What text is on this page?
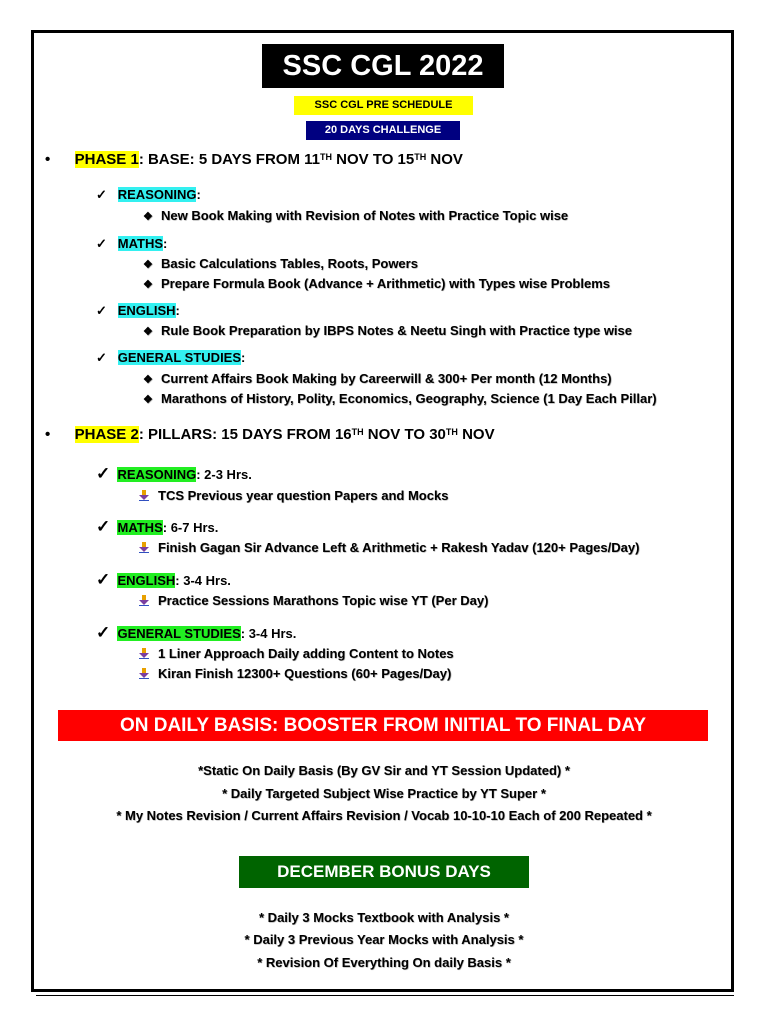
SSC CGL 2022
SSC CGL PRE SCHEDULE
20 DAYS CHALLENGE
• PHASE 1: BASE: 5 DAYS FROM 11TH NOV TO 15TH NOV
✓ REASONING:
❖ New Book Making with Revision of Notes with Practice Topic wise
✓ MATHS:
❖ Basic Calculations Tables, Roots, Powers
❖ Prepare Formula Book (Advance + Arithmetic) with Types wise Problems
✓ ENGLISH:
❖ Rule Book Preparation by IBPS Notes & Neetu Singh with Practice type wise
✓ GENERAL STUDIES:
❖ Current Affairs Book Making by Careerwill & 300+ Per month (12 Months)
❖ Marathons of History, Polity, Economics, Geography, Science (1 Day Each Pillar)
• PHASE 2: PILLARS: 15 DAYS FROM 16TH NOV TO 30TH NOV
✓ REASONING: 2-3 Hrs.
TCS Previous year question Papers and Mocks
✓ MATHS: 6-7 Hrs.
Finish Gagan Sir Advance Left & Arithmetic + Rakesh Yadav (120+ Pages/Day)
✓ ENGLISH: 3-4 Hrs.
Practice Sessions Marathons Topic wise YT (Per Day)
✓ GENERAL STUDIES: 3-4 Hrs.
1 Liner Approach Daily adding Content to Notes
Kiran Finish 12300+ Questions (60+ Pages/Day)
ON DAILY BASIS: BOOSTER FROM INITIAL TO FINAL DAY
*Static On Daily Basis (By GV Sir and YT Session Updated) *
* Daily Targeted Subject Wise Practice by YT Super *
* My Notes Revision / Current Affairs Revision / Vocab 10-10-10 Each of 200 Repeated *
DECEMBER BONUS DAYS
* Daily 3 Mocks Textbook with Analysis *
* Daily 3 Previous Year Mocks with Analysis *
* Revision Of Everything On daily Basis *
